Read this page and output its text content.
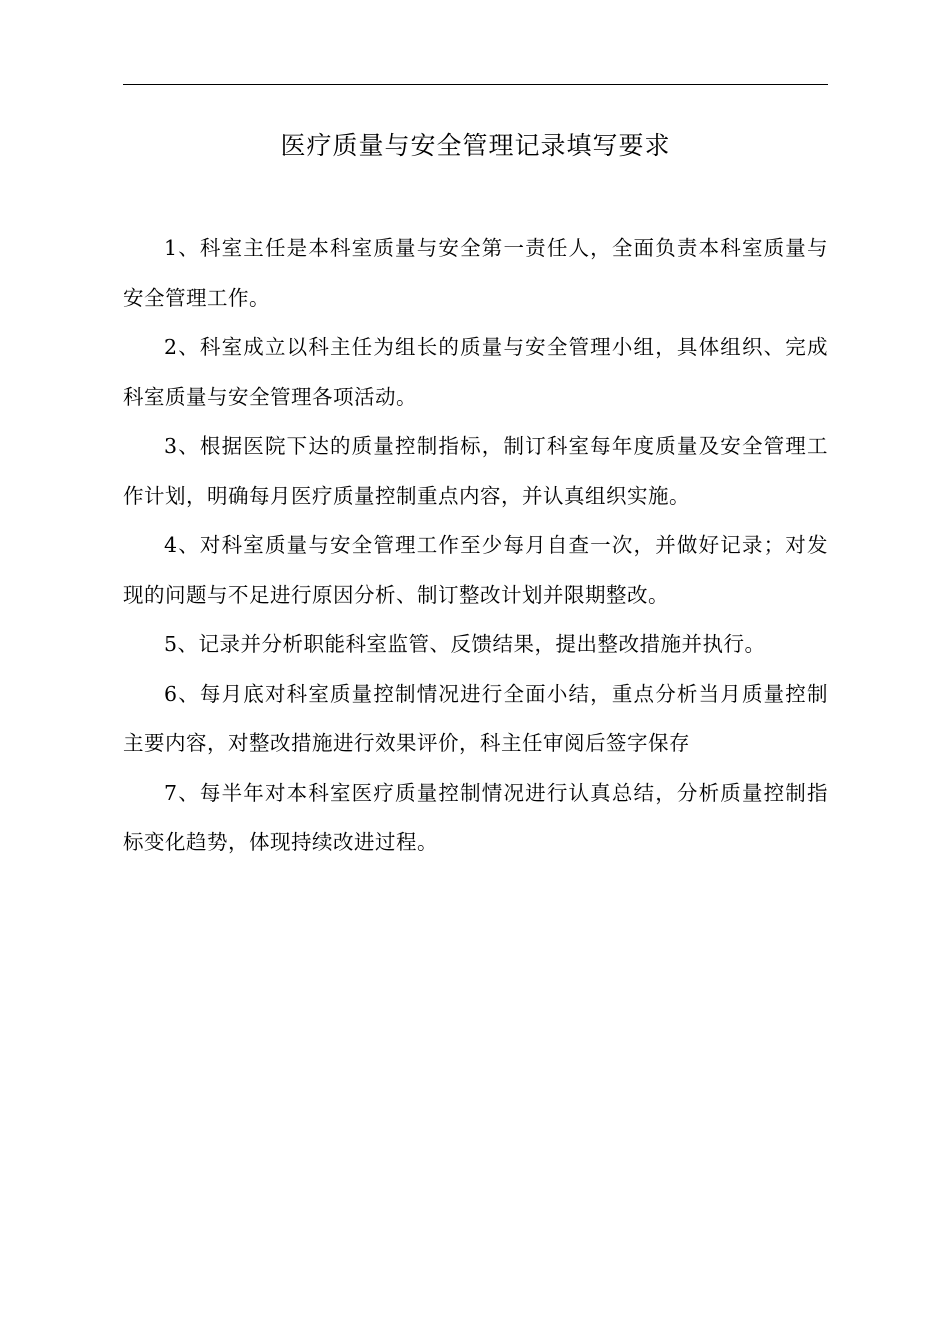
医疗质量与安全管理记录填写要求

1、科室主任是本科室质量与安全第一责任人，全面负责本科室质量与安全管理工作。

2、科室成立以科主任为组长的质量与安全管理小组，具体组织、完成科室质量与安全管理各项活动。

3、根据医院下达的质量控制指标，制订科室每年度质量及安全管理工作计划，明确每月医疗质量控制重点内容，并认真组织实施。

4、对科室质量与安全管理工作至少每月自查一次，并做好记录；对发现的问题与不足进行原因分析、制订整改计划并限期整改。

5、记录并分析职能科室监管、反馈结果，提出整改措施并执行。

6、每月底对科室质量控制情况进行全面小结，重点分析当月质量控制主要内容，对整改措施进行效果评价，科主任审阅后签字保存

7、每半年对本科室医疗质量控制情况进行认真总结，分析质量控制指标变化趋势，体现持续改进过程。
